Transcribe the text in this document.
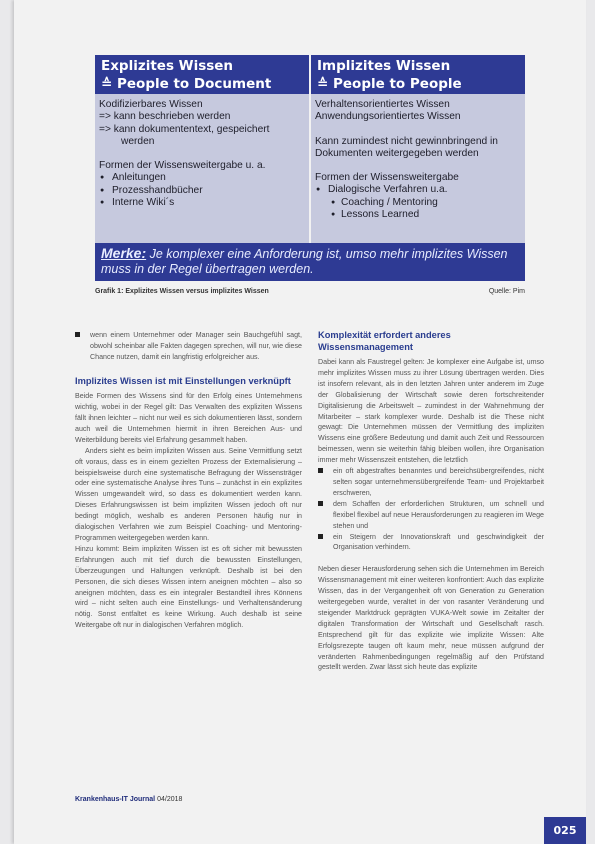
Explizites Wissen
≙ People to Document
Implizites Wissen
≙ People to People

Kodifizierbares Wissen

=> kann beschrieben werden

=> kann dokumententext, gespeichert

werden

Formen der Wissensweitergabe u. a.

● Anleitungen
● Prozesshandbücher
● Interne Wiki´s

Verhaltensorientiertes Wissen

Anwendungsorientiertes Wissen

Kann zumindest nicht gewinnbringend in

Dokumenten weitergegeben werden

Formen der Wissensweitergabe

● Dialogische Verfahren u.a.
● Coaching / Mentoring
● Lessons Learned
Merke: Je komplexer eine Anforderung ist, umso mehr implizites Wissen muss in der Regel übertragen werden.
Grafik 1: Explizites Wissen versus implizites Wissen	Quelle: Pim

wenn einem Unternehmer oder Manager sein Bauchgefühl sagt, obwohl scheinbar alle Fakten dagegen sprechen, will nur, wie diese Chance nutzen, damit ein langfristig erfolgreicher aus.

Implizites Wissen ist mit Einstellungen verknüpft

Beide Formen des Wissens sind für den Erfolg eines Unternehmens wichtig, wobei in der Regel gilt: Das Verwalten des expliziten Wissens fällt ihnen leichter – nicht nur weil es sich dokumentieren lässt, sondern auch weil die Unternehmen hiermit in ihren Bereichen Aus- und Weiterbildung bereits viel Erfahrung gesammelt haben.

Anders sieht es beim impliziten Wissen aus. Seine Vermittlung setzt oft voraus, dass es in einem gezielten Prozess der Externalisierung – beispielsweise durch eine systematische Befragung der Wissensträger oder eine systematische Analyse ihres Tuns – zunächst in ein explizites Wissen umgewandelt wird, so dass es dokumentiert werden kann. Dieses Erfahrungswissen ist beim impliziten Wissen jedoch oft nur bedingt möglich, weshalb es anderen Personen häufig nur in dialogischen Verfahren wie zum Beispiel Coaching- und Mentoring-Programmen weitergegeben werden kann.

Hinzu kommt: Beim impliziten Wissen ist es oft sicher mit bewussten Erfahrungen auch mit tief durch die bewussten Einstellungen, Überzeugungen und Haltungen verknüpft. Deshalb ist bei den Personen, die sich dieses Wissen intern aneignen möchten – also so aneignen möchten, dass es ein integraler Bestandteil ihres Könnens wird – nicht selten auch eine Einstellungs- und Verhaltensänderung nötig. Sonst entfaltet es keine Wirkung. Auch deshalb ist seine Weitergabe oft nur in dialogischen Verfahren möglich.

Komplexität erfordert anderes Wissensmanagement

Dabei kann als Faustregel gelten: Je komplexer eine Aufgabe ist, umso mehr implizites Wissen muss zu ihrer Lösung übertragen werden. Dies ist insofern relevant, als in den letzten Jahren unter anderem im Zuge der Globalisierung der Wirtschaft sowie deren fortschreitender Digitalisierung die Arbeitswelt – zumindest in der Wahrnehmung der Mitarbeiter – stark komplexer wurde. Deshalb ist die These nicht gewagt: Die Unternehmen müssen der Vermittlung des impliziten Wissens eine größere Bedeutung und damit auch Zeit und Ressourcen beimessen, wenn sie weiterhin fähig bleiben wollen, ihre Organisation immer mehr Wissenszeit entstehen, die letztlich

ein oft abgestraftes benanntes und bereichsübergreifendes, nicht selten sogar unternehmensübergreifende Team- und Projektarbeit erschweren,

dem Schaffen der erforderlichen Strukturen, um schnell und flexibel flexibel auf neue Herausforderungen zu reagieren im Wege stehen und

ein Steigern der Innovationskraft und geschwindigkeit der Organisation verhindern.

Neben dieser Herausforderung sehen sich die Unternehmen im Bereich Wissensmanagement mit einer weiteren konfrontiert: Auch das explizite Wissen, das in der Vergangenheit oft von Generation zu Generation weitergegeben wurde, veraltet in der von rasanter Veränderung und steigender Marktdruck geprägten VUKA-Welt sowie im Zeitalter der digitalen Transformation der Wirtschaft und Gesellschaft rasch. Entsprechend gilt für das explizite wie implizite Wissen: Alte Erfolgsrezepte taugen oft kaum mehr, neue müssen aufgrund der veränderten Rahmenbedingungen regelmäßig auf den Prüfstand gestellt werden. Zwar lässt sich heute das explizite

Krankenhaus-IT Journal 04/2018
025
